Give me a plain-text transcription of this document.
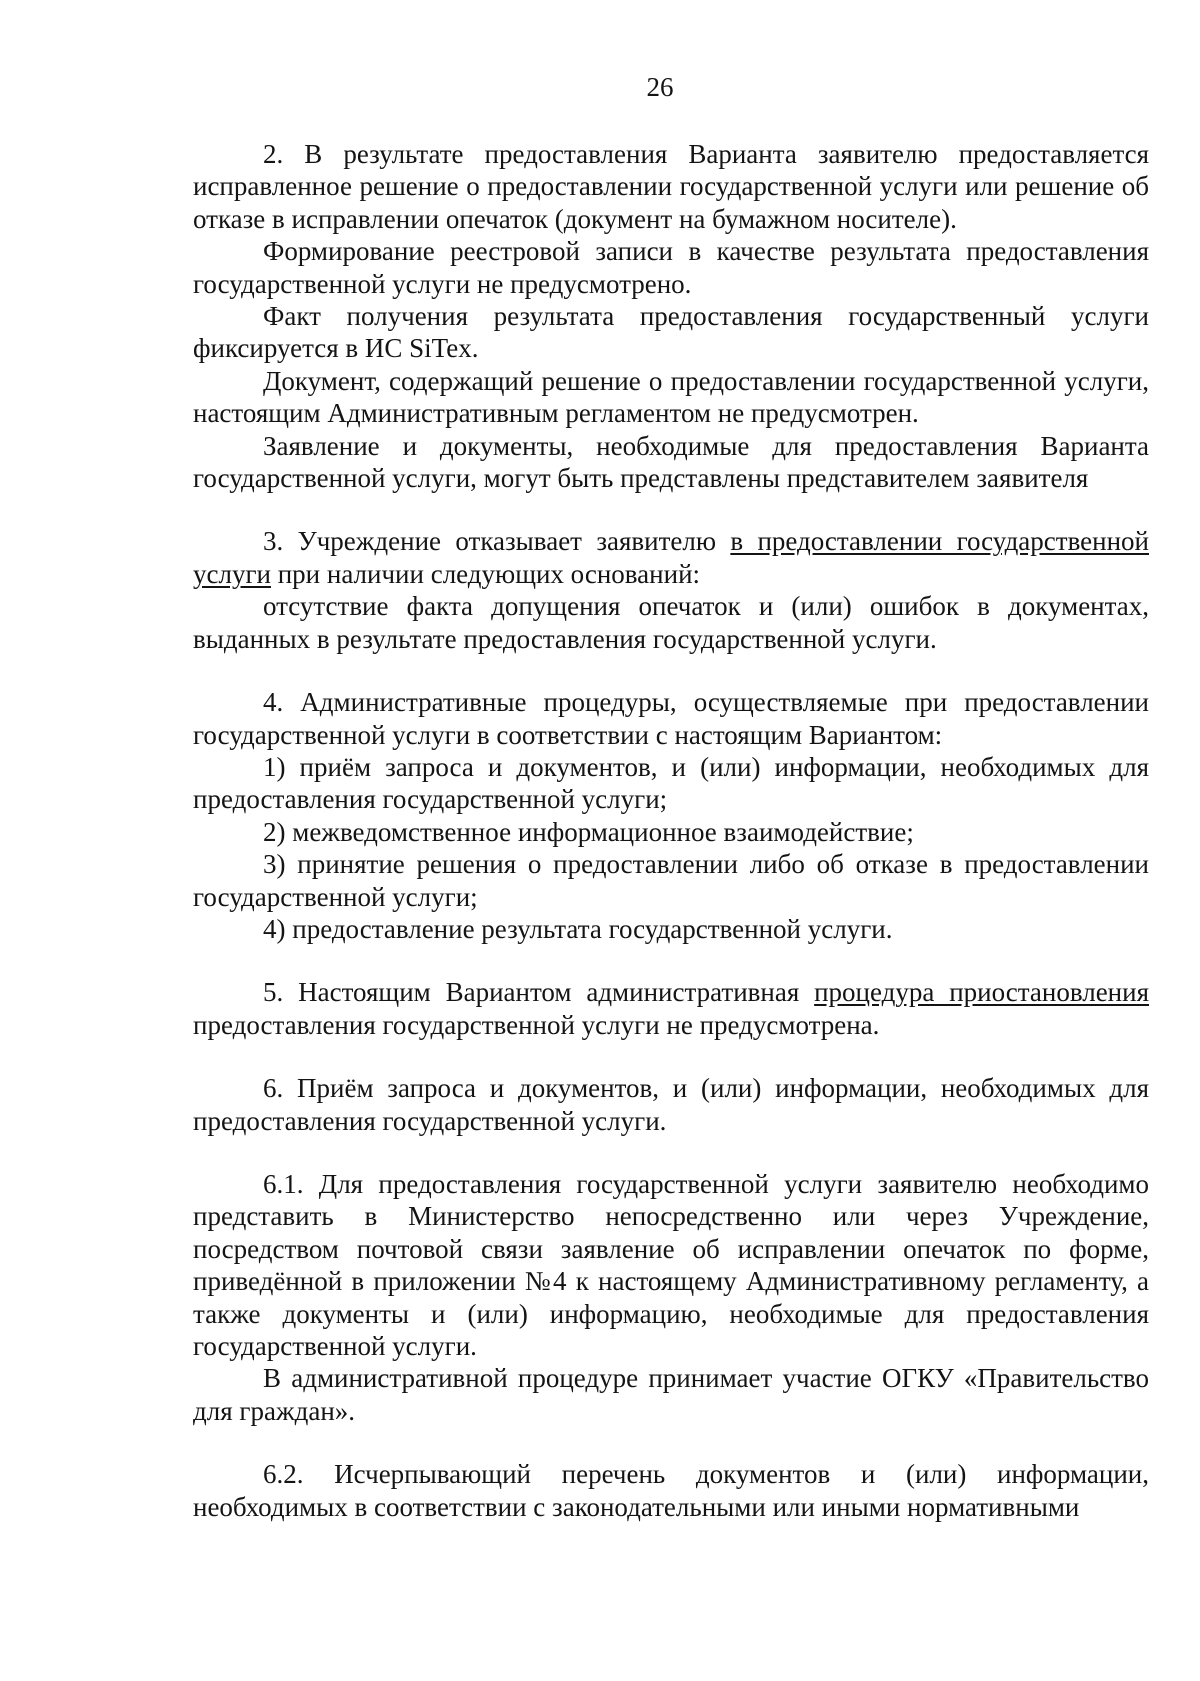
26

2. В результате предоставления Варианта заявителю предоставляется исправленное решение о предоставлении государственной услуги или решение об отказе в исправлении опечаток (документ на бумажном носителе).

Формирование реестровой записи в качестве результата предоставления государственной услуги не предусмотрено.

Факт получения результата предоставления государственный услуги фиксируется в ИС SiTex.

Документ, содержащий решение о предоставлении государственной услуги, настоящим Административным регламентом не предусмотрен.

Заявление и документы, необходимые для предоставления Варианта государственной услуги, могут быть представлены представителем заявителя

3. Учреждение отказывает заявителю в предоставлении государственной услуги при наличии следующих оснований:

отсутствие факта допущения опечаток и (или) ошибок в документах, выданных в результате предоставления государственной услуги.

4. Административные процедуры, осуществляемые при предоставлении государственной услуги в соответствии с настоящим Вариантом:

1) приём запроса и документов, и (или) информации, необходимых для предоставления государственной услуги;

2) межведомственное информационное взаимодействие;

3) принятие решения о предоставлении либо об отказе в предоставлении государственной услуги;

4) предоставление результата государственной услуги.

5. Настоящим Вариантом административная процедура приостановления предоставления государственной услуги не предусмотрена.

6. Приём запроса и документов, и (или) информации, необходимых для предоставления государственной услуги.

6.1. Для предоставления государственной услуги заявителю необходимо представить в Министерство непосредственно или через Учреждение, посредством почтовой связи заявление об исправлении опечаток по форме, приведённой в приложении №4 к настоящему Административному регламенту, а также документы и (или) информацию, необходимые для предоставления государственной услуги.

В административной процедуре принимает участие ОГКУ «Правительство для граждан».

6.2. Исчерпывающий перечень документов и (или) информации, необходимых в соответствии с законодательными или иными нормативными
